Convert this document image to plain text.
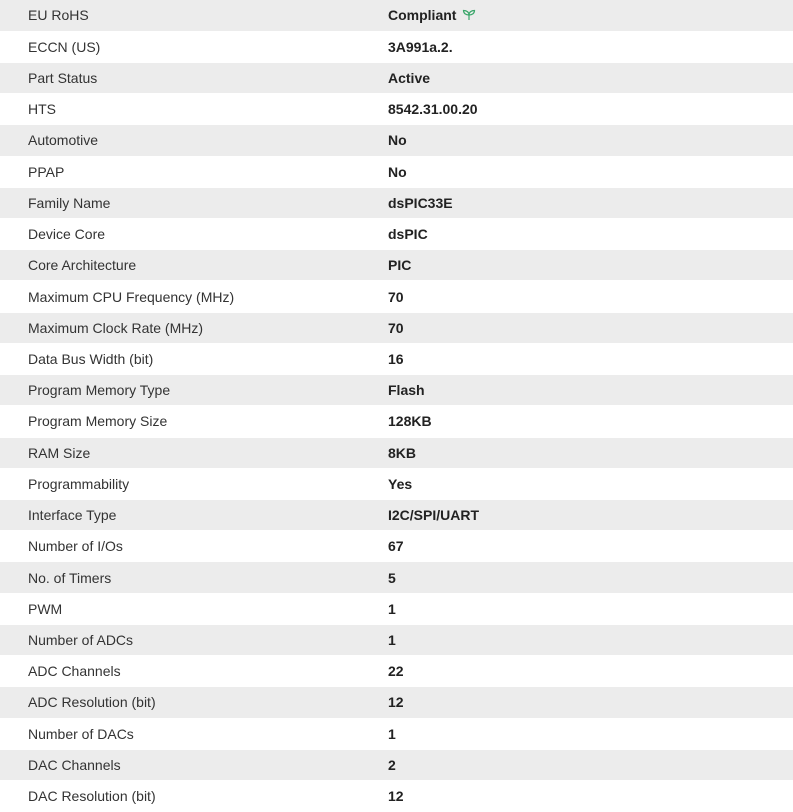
EU RoHS	Compliant
ECCN (US)	3A991a.2.
Part Status	Active
HTS	8542.31.00.20
Automotive	No
PPAP	No
Family Name	dsPIC33E
Device Core	dsPIC
Core Architecture	PIC
Maximum CPU Frequency (MHz)	70
Maximum Clock Rate (MHz)	70
Data Bus Width (bit)	16
Program Memory Type	Flash
Program Memory Size	128KB
RAM Size	8KB
Programmability	Yes
Interface Type	I2C/SPI/UART
Number of I/Os	67
No. of Timers	5
PWM	1
Number of ADCs	1
ADC Channels	22
ADC Resolution (bit)	12
Number of DACs	1
DAC Channels	2
DAC Resolution (bit)	12
